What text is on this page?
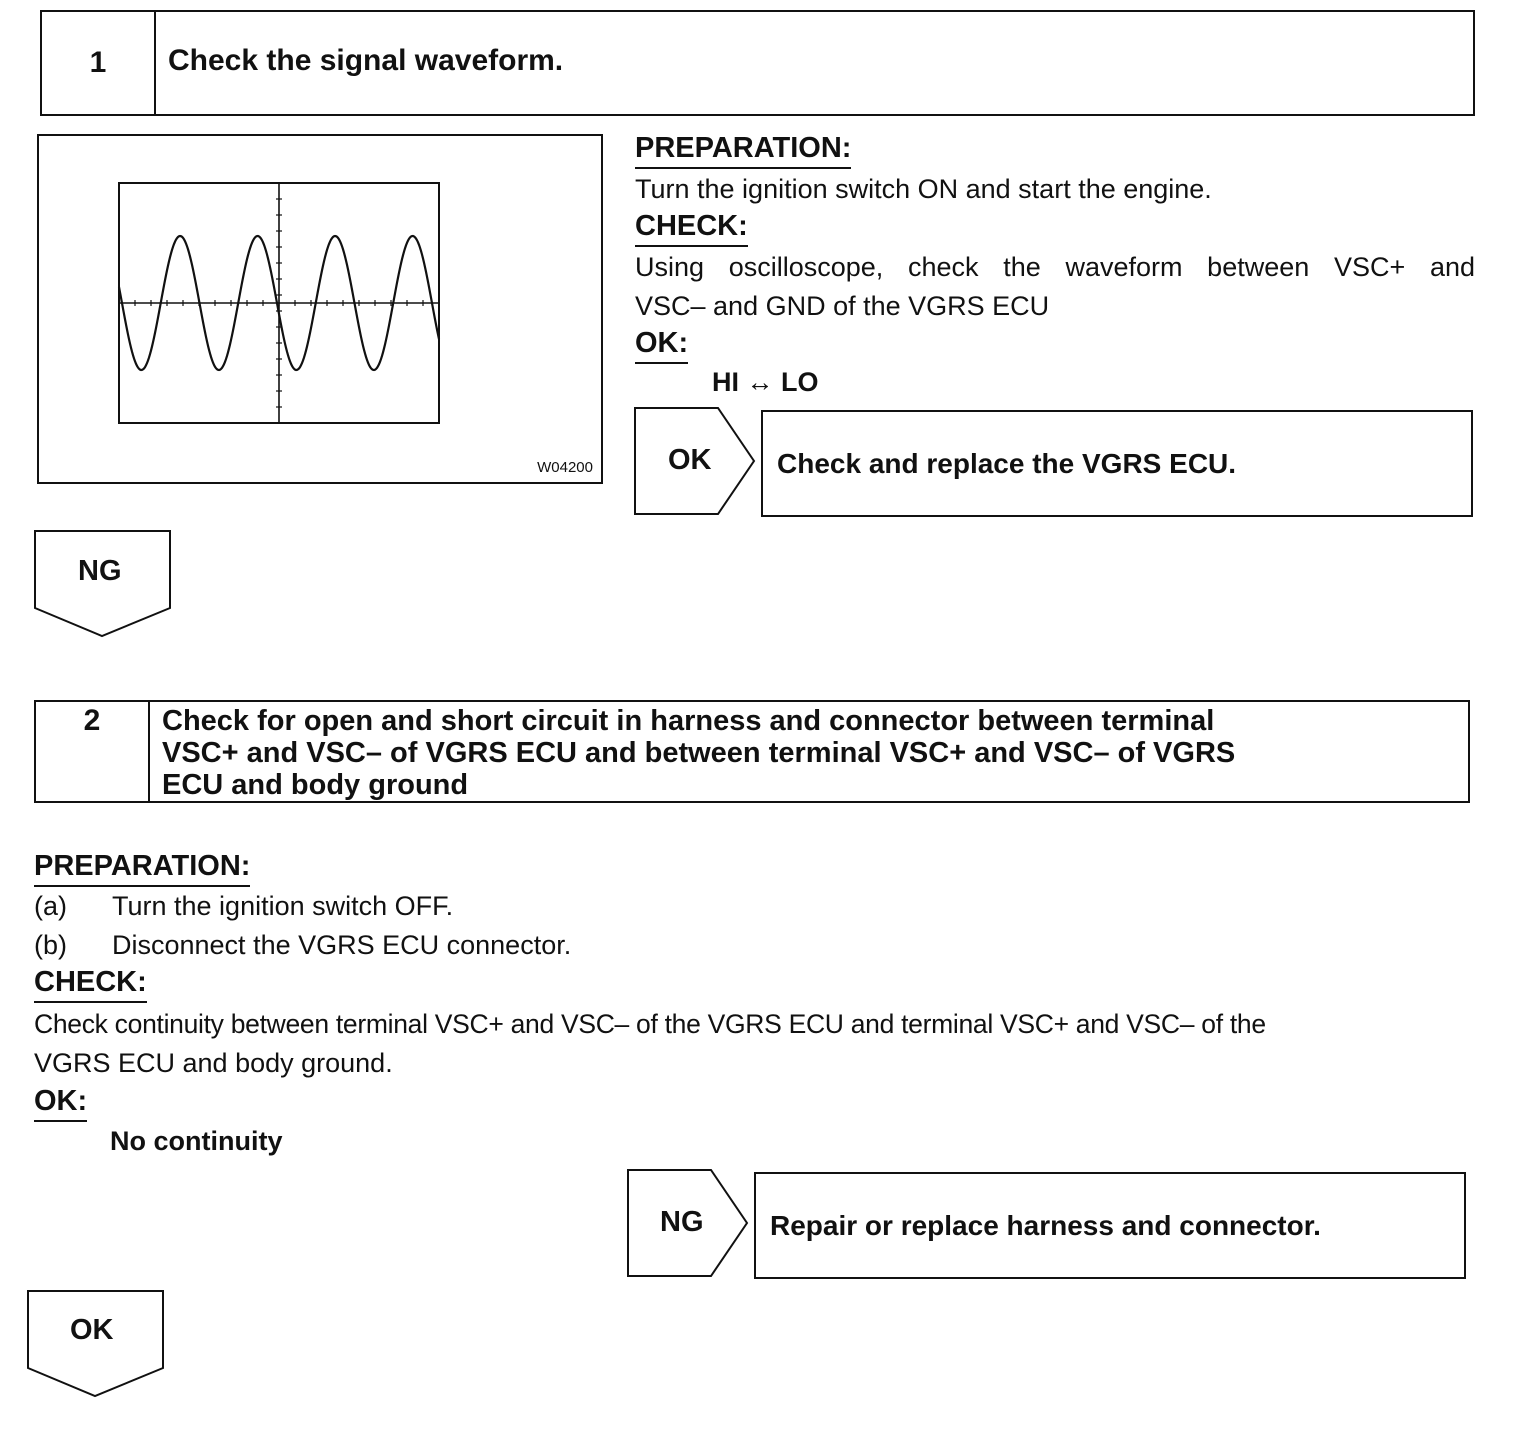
1	Check the signal waveform.
W04200
PREPARATION:
Turn the ignition switch ON and start the engine.
CHECK:
Using oscilloscope, check the waveform between VSC+ and
VSC– and GND of the VGRS ECU
OK:
HI ↔ LO
OK Check and replace the VGRS ECU.
NG
2	Check for open and short circuit in harness and connector between terminal
VSC+ and VSC– of VGRS ECU and between terminal VSC+ and VSC– of VGRS
ECU and body ground
PREPARATION:
(a) Turn the ignition switch OFF.
(b) Disconnect the VGRS ECU connector.
CHECK:
Check continuity between terminal VSC+ and VSC– of the VGRS ECU and terminal VSC+ and VSC– of the
VGRS ECU and body ground.
OK:
No continuity
NG Repair or replace harness and connector.
OK
